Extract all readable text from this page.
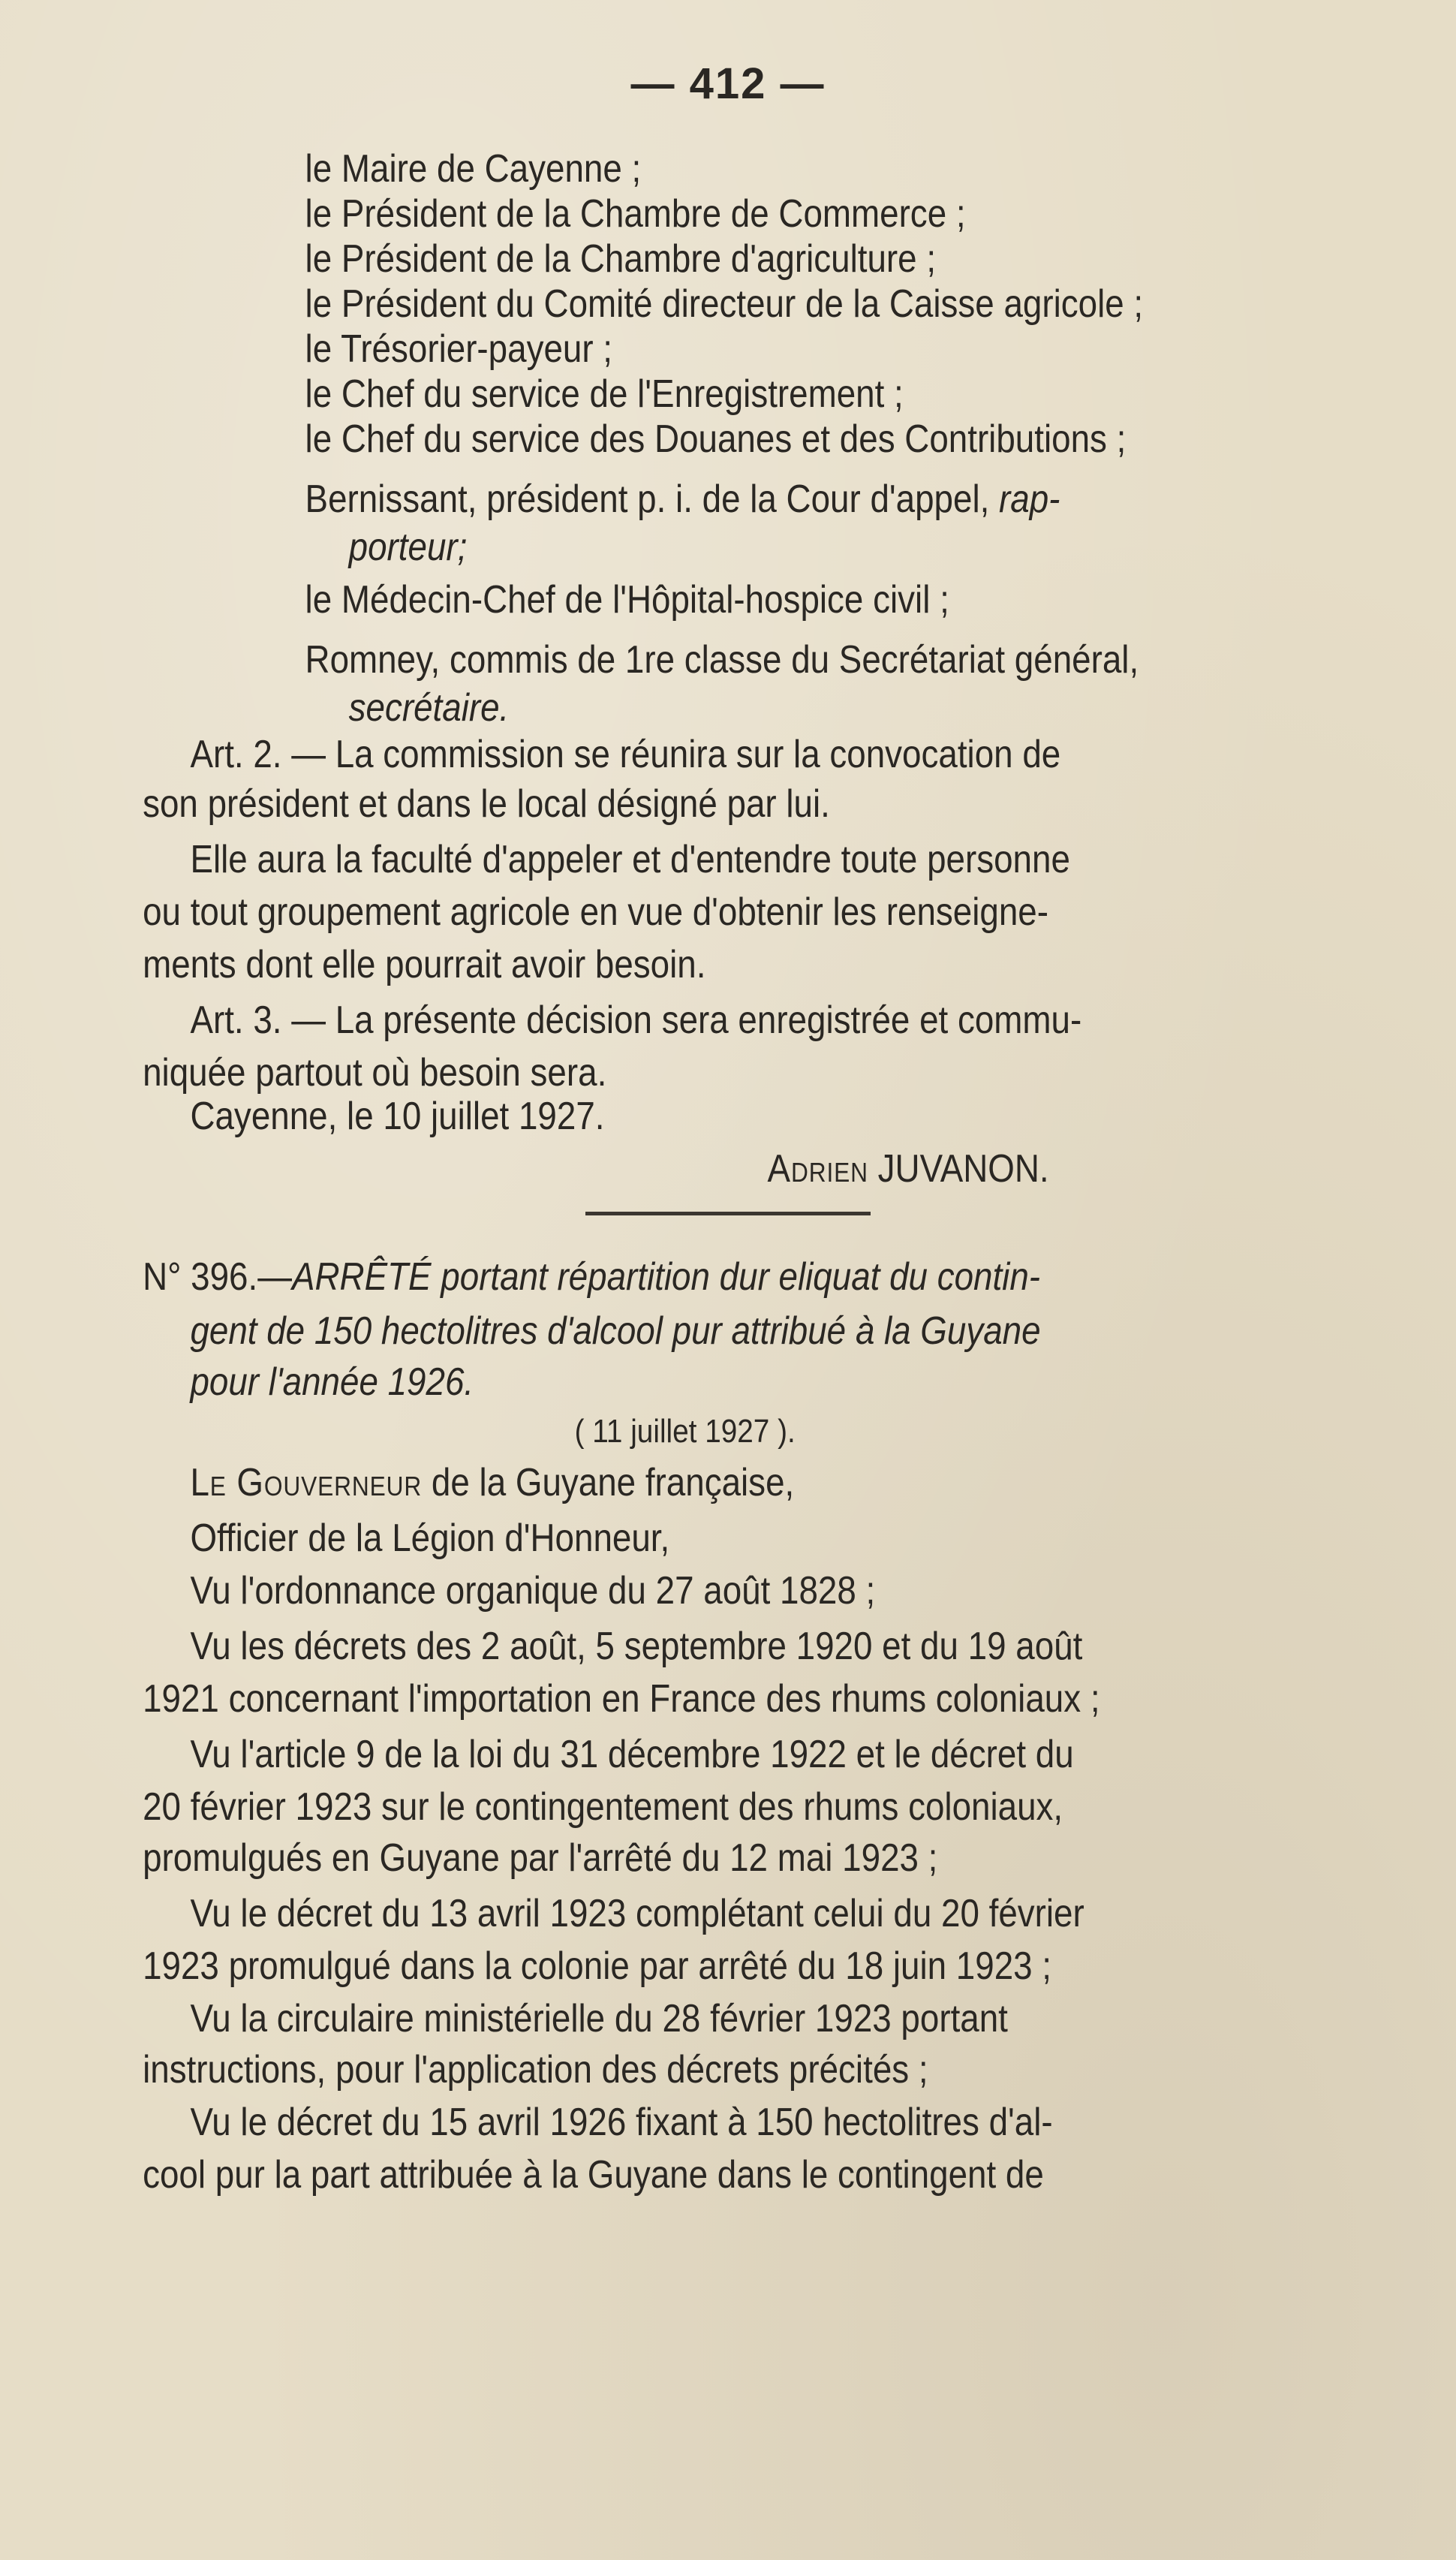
— 412 —
le Maire de Cayenne ;
le Président de la Chambre de Commerce ;
le Président de la Chambre d'agriculture ;
le Président du Comité directeur de la Caisse agricole ;
le Trésorier-payeur ;
le Chef du service de l'Enregistrement ;
le Chef du service des Douanes et des Contributions ;
Bernissant, président p. i. de la Cour d'appel, rap-
porteur;
le Médecin-Chef de l'Hôpital-hospice civil ;
Romney, commis de 1re classe du Secrétariat général,
secrétaire.
Art. 2. — La commission se réunira sur la convocation de
son président et dans le local désigné par lui.
Elle aura la faculté d'appeler et d'entendre toute personne
ou tout groupement agricole en vue d'obtenir les renseigne-
ments dont elle pourrait avoir besoin.
Art. 3. — La présente décision sera enregistrée et commu-
niquée partout où besoin sera.
Cayenne, le 10 juillet 1927.
Adrien JUVANON.
N° 396.—ARRÊTÉ portant répartition dur eliquat du contin-
gent de 150 hectolitres d'alcool pur attribué à la Guyane
pour l'année 1926.
( 11 juillet 1927 ).
Le Gouverneur de la Guyane française,
Officier de la Légion d'Honneur,
Vu l'ordonnance organique du 27 août 1828 ;
Vu les décrets des 2 août, 5 septembre 1920 et du 19 août
1921 concernant l'importation en France des rhums coloniaux ;
Vu l'article 9 de la loi du 31 décembre 1922 et le décret du
20 février 1923 sur le contingentement des rhums coloniaux,
promulgués en Guyane par l'arrêté du 12 mai 1923 ;
Vu le décret du 13 avril 1923 complétant celui du 20 février
1923 promulgué dans la colonie par arrêté du 18 juin 1923 ;
Vu la circulaire ministérielle du 28 février 1923 portant
instructions, pour l'application des décrets précités ;
Vu le décret du 15 avril 1926 fixant à 150 hectolitres d'al-
cool pur la part attribuée à la Guyane dans le contingent de
